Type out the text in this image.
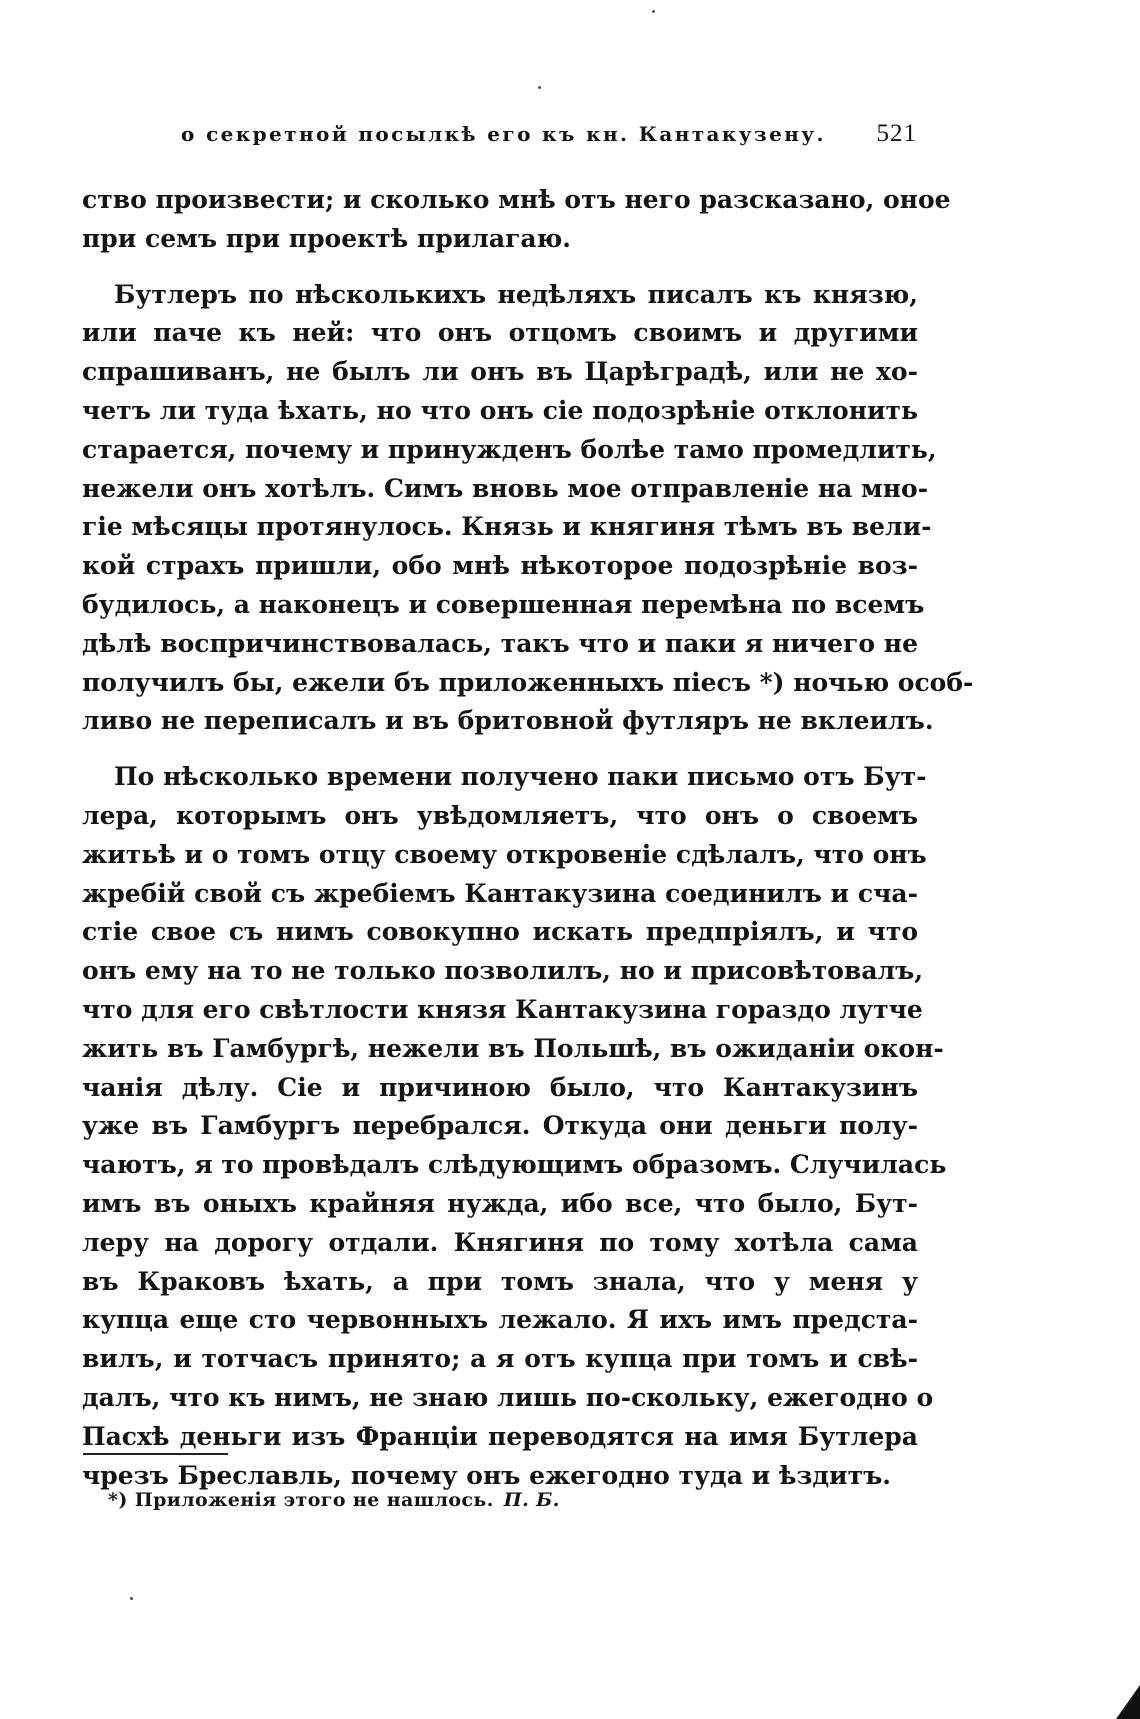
о секретной посылкѣ его къ кн. Кантакузену. 521
ство произвести; и сколько мнѣ отъ него разсказано, оное
при семъ при проектѣ прилагаю.
Бутлеръ по нѣсколькихъ недѣляхъ писалъ къ князю,
или паче къ ней: что онъ отцомъ своимъ и другими
спрашиванъ, не былъ ли онъ въ Царѣградѣ, или не хо-
четъ ли туда ѣхать, но что онъ сіе подозрѣніе отклонить
старается, почему и принужденъ болѣе тамо промедлить,
нежели онъ хотѣлъ. Симъ вновь мое отправленіе на мно-
гіе мѣсяцы протянулось. Князь и княгиня тѣмъ въ вели-
кой страхъ пришли, обо мнѣ нѣкоторое подозрѣніе воз-
будилось, а наконецъ и совершенная перемѣна по всемъ
дѣлѣ воспричинствовалась, такъ что и паки я ничего не
получилъ бы, ежели бъ приложенныхъ піесъ *) ночью особ-
ливо не переписалъ и въ бритовной футляръ не вклеилъ.
По нѣсколько времени получено паки письмо отъ Бут-
лера, которымъ онъ увѣдомляетъ, что онъ о своемъ
житьѣ и о томъ отцу своему откровеніе сдѣлалъ, что онъ
жребій свой съ жребіемъ Кантакузина соединилъ и сча-
стіе свое съ нимъ совокупно искать предпріялъ, и что
онъ ему на то не только позволилъ, но и присовѣтовалъ,
что для его свѣтлости князя Кантакузина гораздо лутче
жить въ Гамбургѣ, нежели въ Польшѣ, въ ожиданіи окон-
чанія дѣлу. Сіе и причиною было, что Кантакузинъ
уже въ Гамбургъ перебрался. Откуда они деньги полу-
чаютъ, я то провѣдалъ слѣдующимъ образомъ. Случилась
имъ въ оныхъ крайняя нужда, ибо все, что было, Бут-
леру на дорогу отдали. Княгиня по тому хотѣла сама
въ Краковъ ѣхать, а при томъ знала, что у меня у
купца еще сто червонныхъ лежало. Я ихъ имъ предста-
вилъ, и тотчасъ принято; а я отъ купца при томъ и свѣ-
далъ, что къ нимъ, не знаю лишь по-скольку, ежегодно о
Пасхѣ деньги изъ Франціи переводятся на имя Бутлера
чрезъ Бреславль, почему онъ ежегодно туда и ѣздитъ.
*) Приложенія этого не нашлось. П. Б.
